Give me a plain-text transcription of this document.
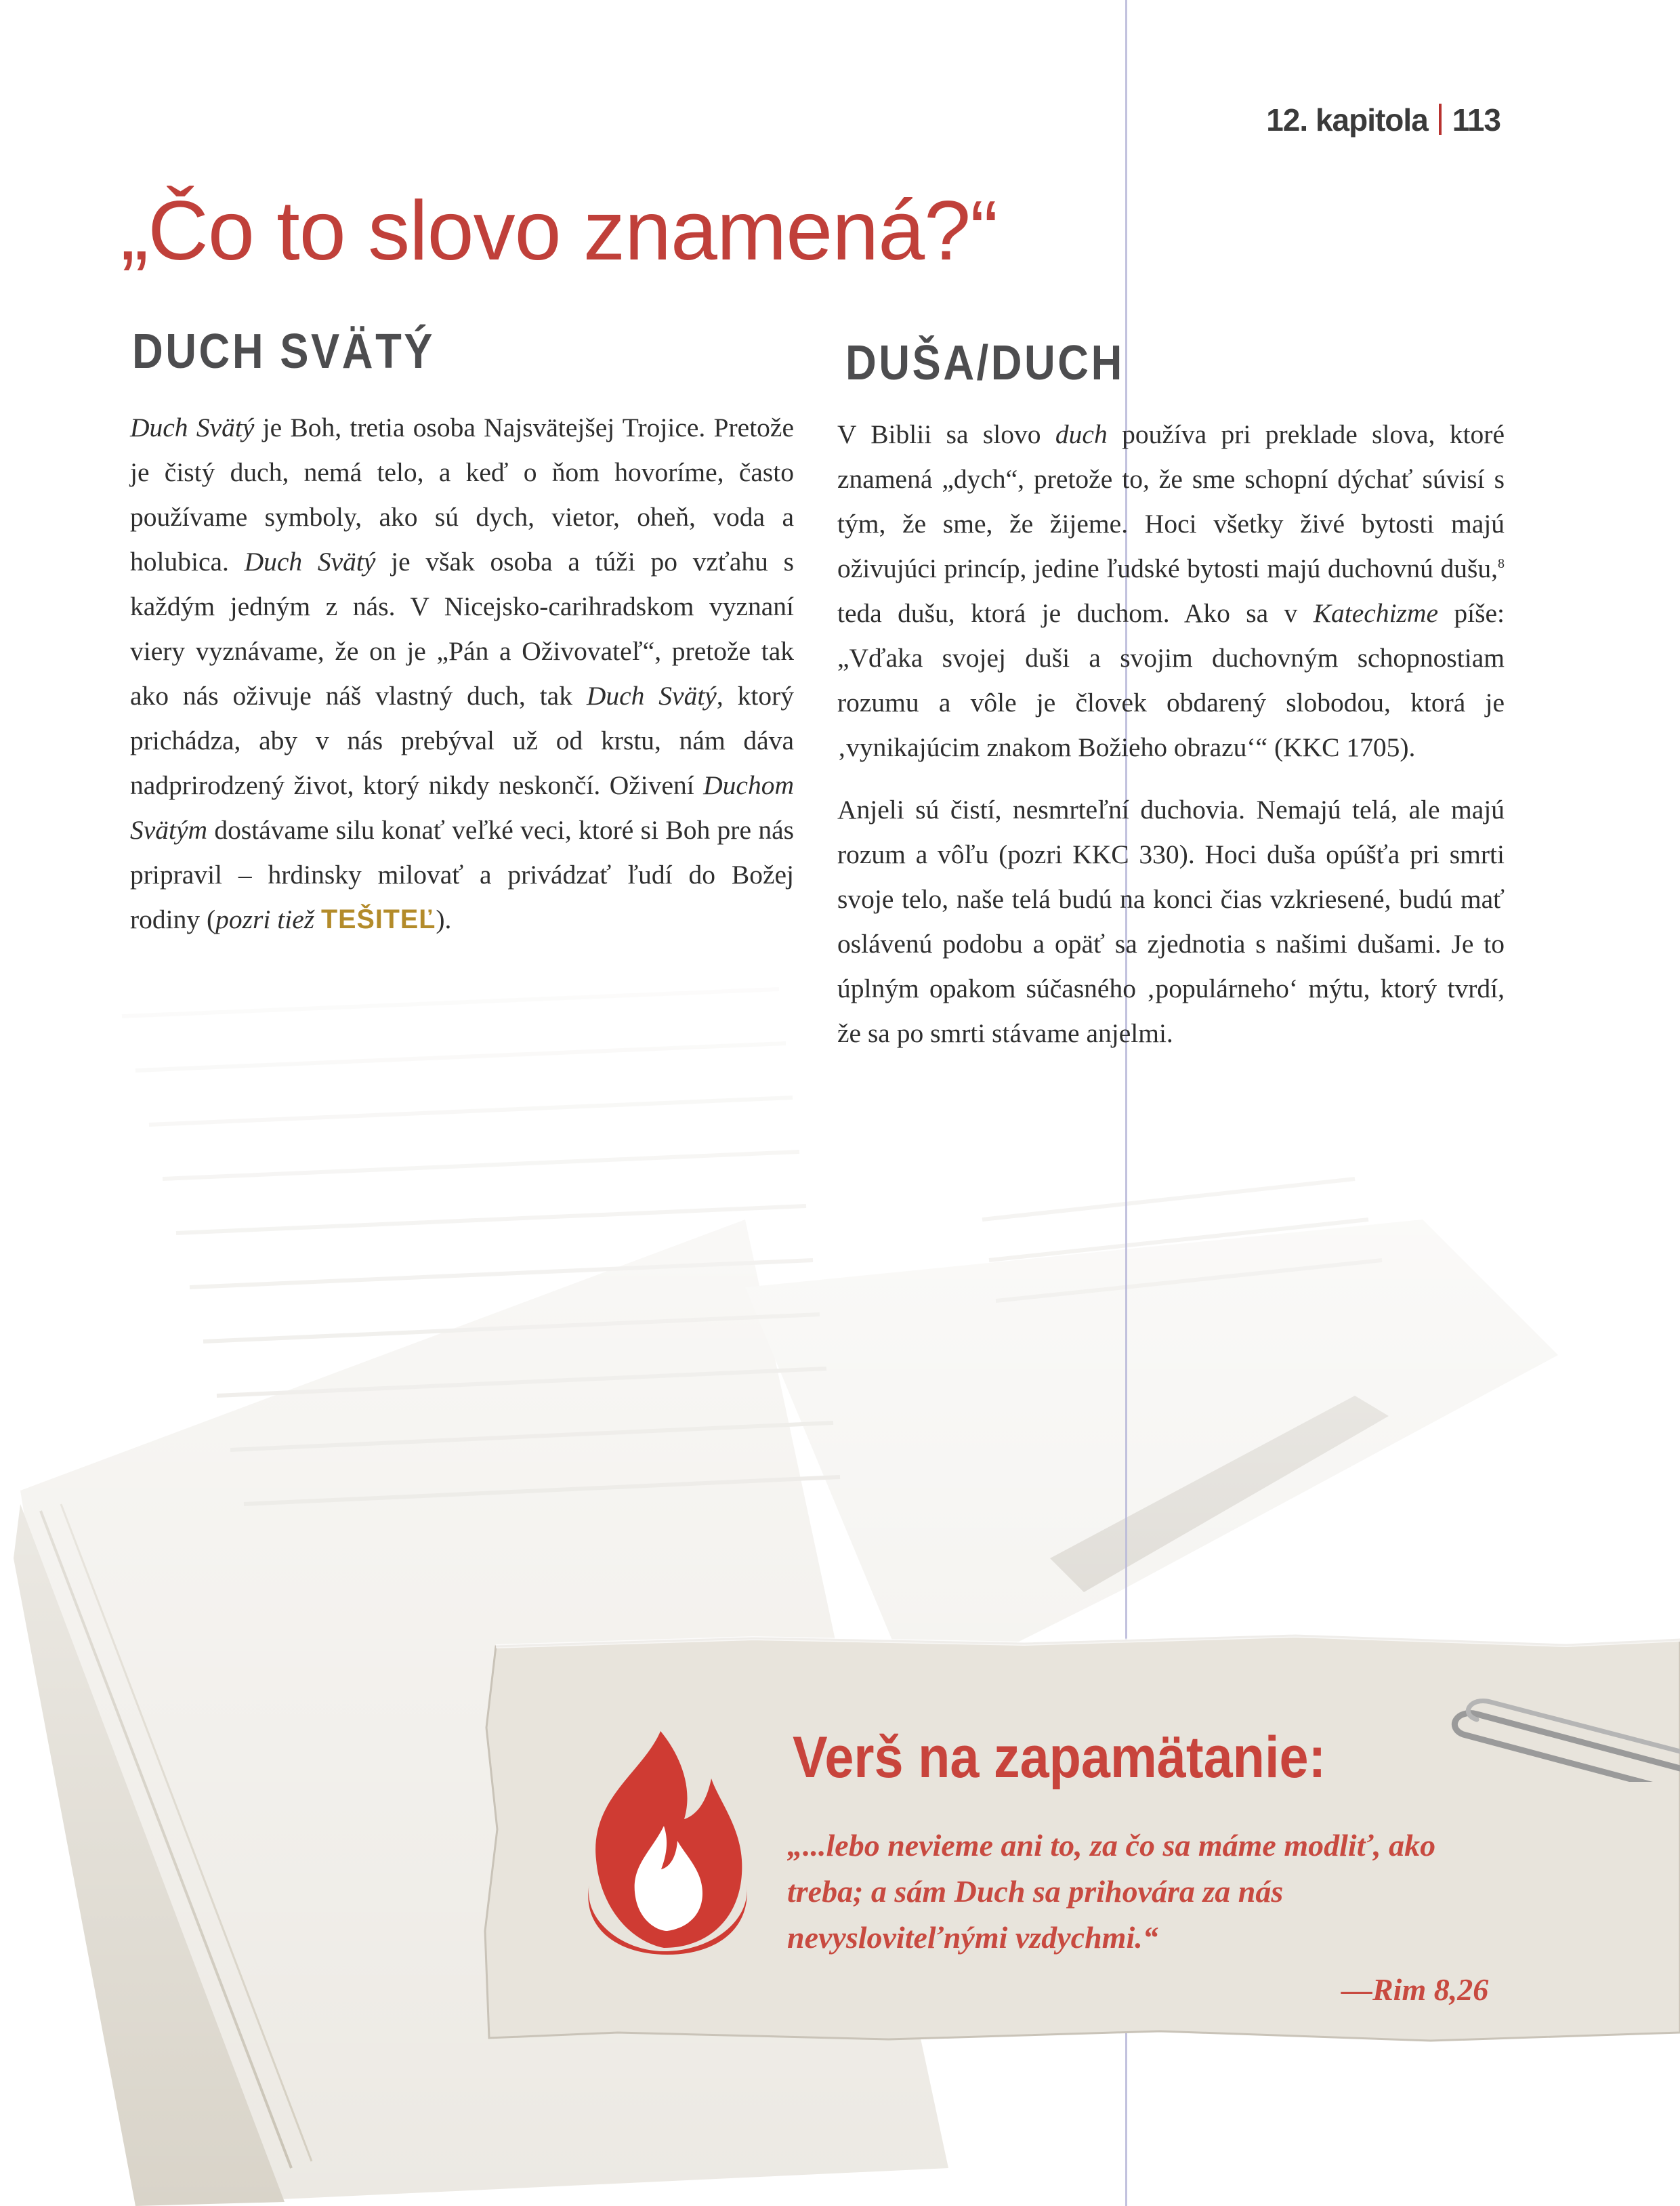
12. kapitola 113
„Čo to slovo znamená?“
DUCH SVÄTÝ	DUŠA/DUCH
Duch Svätý je Boh, tretia osoba Najsvätejšej Trojice. Pretože je čistý duch, nemá telo, a keď o ňom hovoríme, často používame symboly, ako sú dych, vietor, oheň, voda a holubica. Duch Svätý je však osoba a túži po vzťahu s každým jedným z nás. V Nicejsko-carihradskom vyznaní viery vyznávame, že on je „Pán a Oživovateľ“, pretože tak ako nás oživuje náš vlastný duch, tak Duch Svätý, ktorý prichádza, aby v nás prebýval už od krstu, nám dáva nadprirodzený život, ktorý nikdy neskončí. Oživení Duchom Svätým dostávame silu konať veľké veci, ktoré si Boh pre nás pripravil – hrdinsky milovať a privádzať ľudí do Božej rodiny (pozri tiež TEŠITEĽ).

V Biblii sa slovo duch používa pri preklade slova, ktoré znamená „dych“, pretože to, že sme schopní dýchať súvisí s tým, že sme, že žijeme. Hoci všetky živé bytosti majú oživujúci princíp, jedine ľudské bytosti majú duchovnú dušu,$^8$ teda dušu, ktorá je duchom. Ako sa v Katechizme píše: „Vďaka svojej duši a svojim duchovným schopnostiam rozumu a vôle je človek obdarený slobodou, ktorá je ‚vynikajúcim znakom Božieho obrazu‘“ (KKC 1705).

Anjeli sú čistí, nesmrteľní duchovia. Nemajú telá, ale majú rozum a vôľu (pozri KKC 330). Hoci duša opúšťa pri smrti svoje telo, naše telá budú na konci čias vzkriesené, budú mať oslávenú podobu a opäť sa zjednotia s našimi dušami. Je to úplným opakom súčasného ‚populárneho‘ mýtu, ktorý tvrdí, že sa po smrti stávame anjelmi.

Verš na zapamätanie:
„...lebo nevieme ani to, za čo sa máme modliť, ako treba; a sám Duch sa prihovára za nás nevysloviteľnými vzdychmi.“
—Rim 8,26
